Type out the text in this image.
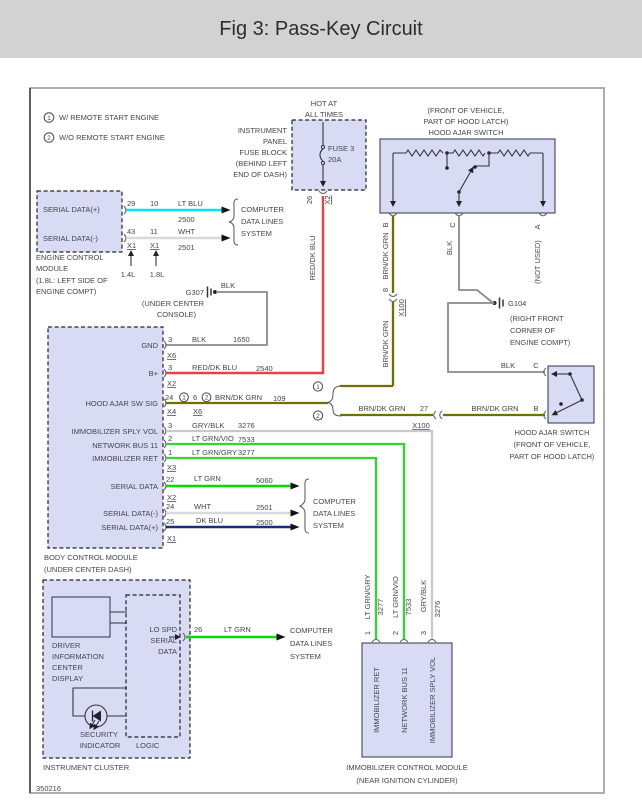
Fig 3: Pass-Key Circuit
1 W/ REMOTE START ENGINE
2 W/O REMOTE START ENGINE
SERIAL DATA(+)
SERIAL DATA(-)
29 10	LT BLU
2500
43 11	WHT
2501
X1 X1
1.4L 1.8L
ENGINE CONTROL
MODULE
(1.8L: LEFT SIDE OF
ENGINE COMPT)
COMPUTER
DATA LINES
SYSTEM
HOT AT
ALL TIMES
INSTRUMENT
PANEL
FUSE BLOCK
(BEHIND LEFT
END OF DASH)
FUSE 3
20A
26 X2
RED/DK BLU
(FRONT OF VEHICLE,
PART OF HOOD LATCH)
HOOD AJAR SWITCH
B
BRN/DK GRN
C
BLK
A
(NOT USED)
8
X100
BRN/DK GRN
G104
(RIGHT FRONT
CORNER OF
ENGINE COMPT)
BLK C
HOOD AJAR SWITCH
(FRONT OF VEHICLE,
PART OF HOOD LATCH)
1
2
BRN/DK GRN 27
X100
BRN/DK GRN B
G307
(UNDER CENTER
CONSOLE)
BLK
GND
3	BLK	1650
X6
B+
3	RED/DK BLU	2540
X2
HOOD AJAR SW SIG
24 1 6 2 BRN/DK GRN 109
X4 X6
IMMOBILIZER SPLY VOL
3	GRY/BLK 3276
NETWORK BUS 11
2	LT GRN/VIO 7533
IMMOBILIZER RET
1	LT GRN/GRY 3277
X3
SERIAL DATA
22	LT GRN	5060
X2
SERIAL DATA(-)
24	WHT	2501
SERIAL DATA(+)
25	DK BLU	2500
X1
BODY CONTROL MODULE
(UNDER CENTER DASH)
COMPUTER
DATA LINES
SYSTEM
LT GRN/GRY 3277 LT GRN/VIO 7533 GRY/BLK 3276
1	2	3
IMMOBILIZER RET	NETWORK BUS 11	IMMOBILIZER SPLY VOL
IMMOBILIZER CONTROL MODULE
(NEAR IGNITION CYLINDER)
DRIVER
INFORMATION
CENTER
DISPLAY
LO SPD
SERIAL
DATA
LOGIC
SECURITY
INDICATOR
INSTRUMENT CLUSTER
26	LT GRN	COMPUTER
DATA LINES
SYSTEM
350216
